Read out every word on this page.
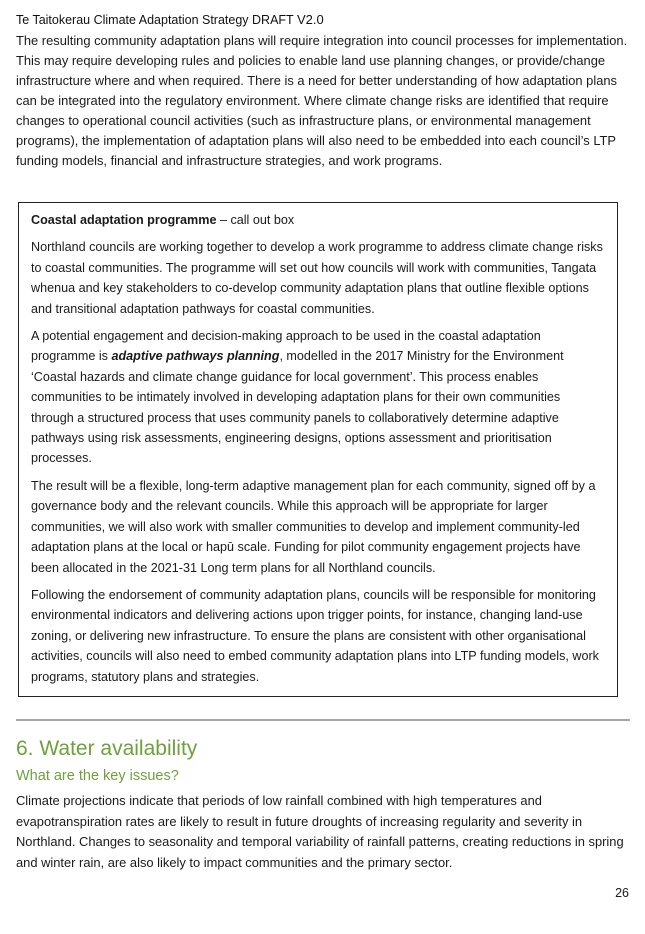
Te Taitokerau Climate Adaptation Strategy DRAFT V2.0

The resulting community adaptation plans will require integration into council processes for implementation. This may require developing rules and policies to enable land use planning changes, or provide/change infrastructure where and when required. There is a need for better understanding of how adaptation plans can be integrated into the regulatory environment. Where climate change risks are identified that require changes to operational council activities (such as infrastructure plans, or environmental management programs), the implementation of adaptation plans will also need to be embedded into each council’s LTP funding models, financial and infrastructure strategies, and work programs.

Coastal adaptation programme – call out box

Northland councils are working together to develop a work programme to address climate change risks to coastal communities. The programme will set out how councils will work with communities, Tangata whenua and key stakeholders to co-develop community adaptation plans that outline flexible options and transitional adaptation pathways for coastal communities.

A potential engagement and decision-making approach to be used in the coastal adaptation programme is adaptive pathways planning, modelled in the 2017 Ministry for the Environment ‘Coastal hazards and climate change guidance for local government’. This process enables communities to be intimately involved in developing adaptation plans for their own communities through a structured process that uses community panels to collaboratively determine adaptive pathways using risk assessments, engineering designs, options assessment and prioritisation processes.

The result will be a flexible, long-term adaptive management plan for each community, signed off by a governance body and the relevant councils. While this approach will be appropriate for larger communities, we will also work with smaller communities to develop and implement community-led adaptation plans at the local or hapū scale. Funding for pilot community engagement projects have been allocated in the 2021-31 Long term plans for all Northland councils.

Following the endorsement of community adaptation plans, councils will be responsible for monitoring environmental indicators and delivering actions upon trigger points, for instance, changing land-use zoning, or delivering new infrastructure. To ensure the plans are consistent with other organisational activities, councils will also need to embed community adaptation plans into LTP funding models, work programs, statutory plans and strategies.

6. Water availability
What are the key issues?

Climate projections indicate that periods of low rainfall combined with high temperatures and evapotranspiration rates are likely to result in future droughts of increasing regularity and severity in Northland. Changes to seasonality and temporal variability of rainfall patterns, creating reductions in spring and winter rain, are also likely to impact communities and the primary sector.

26
